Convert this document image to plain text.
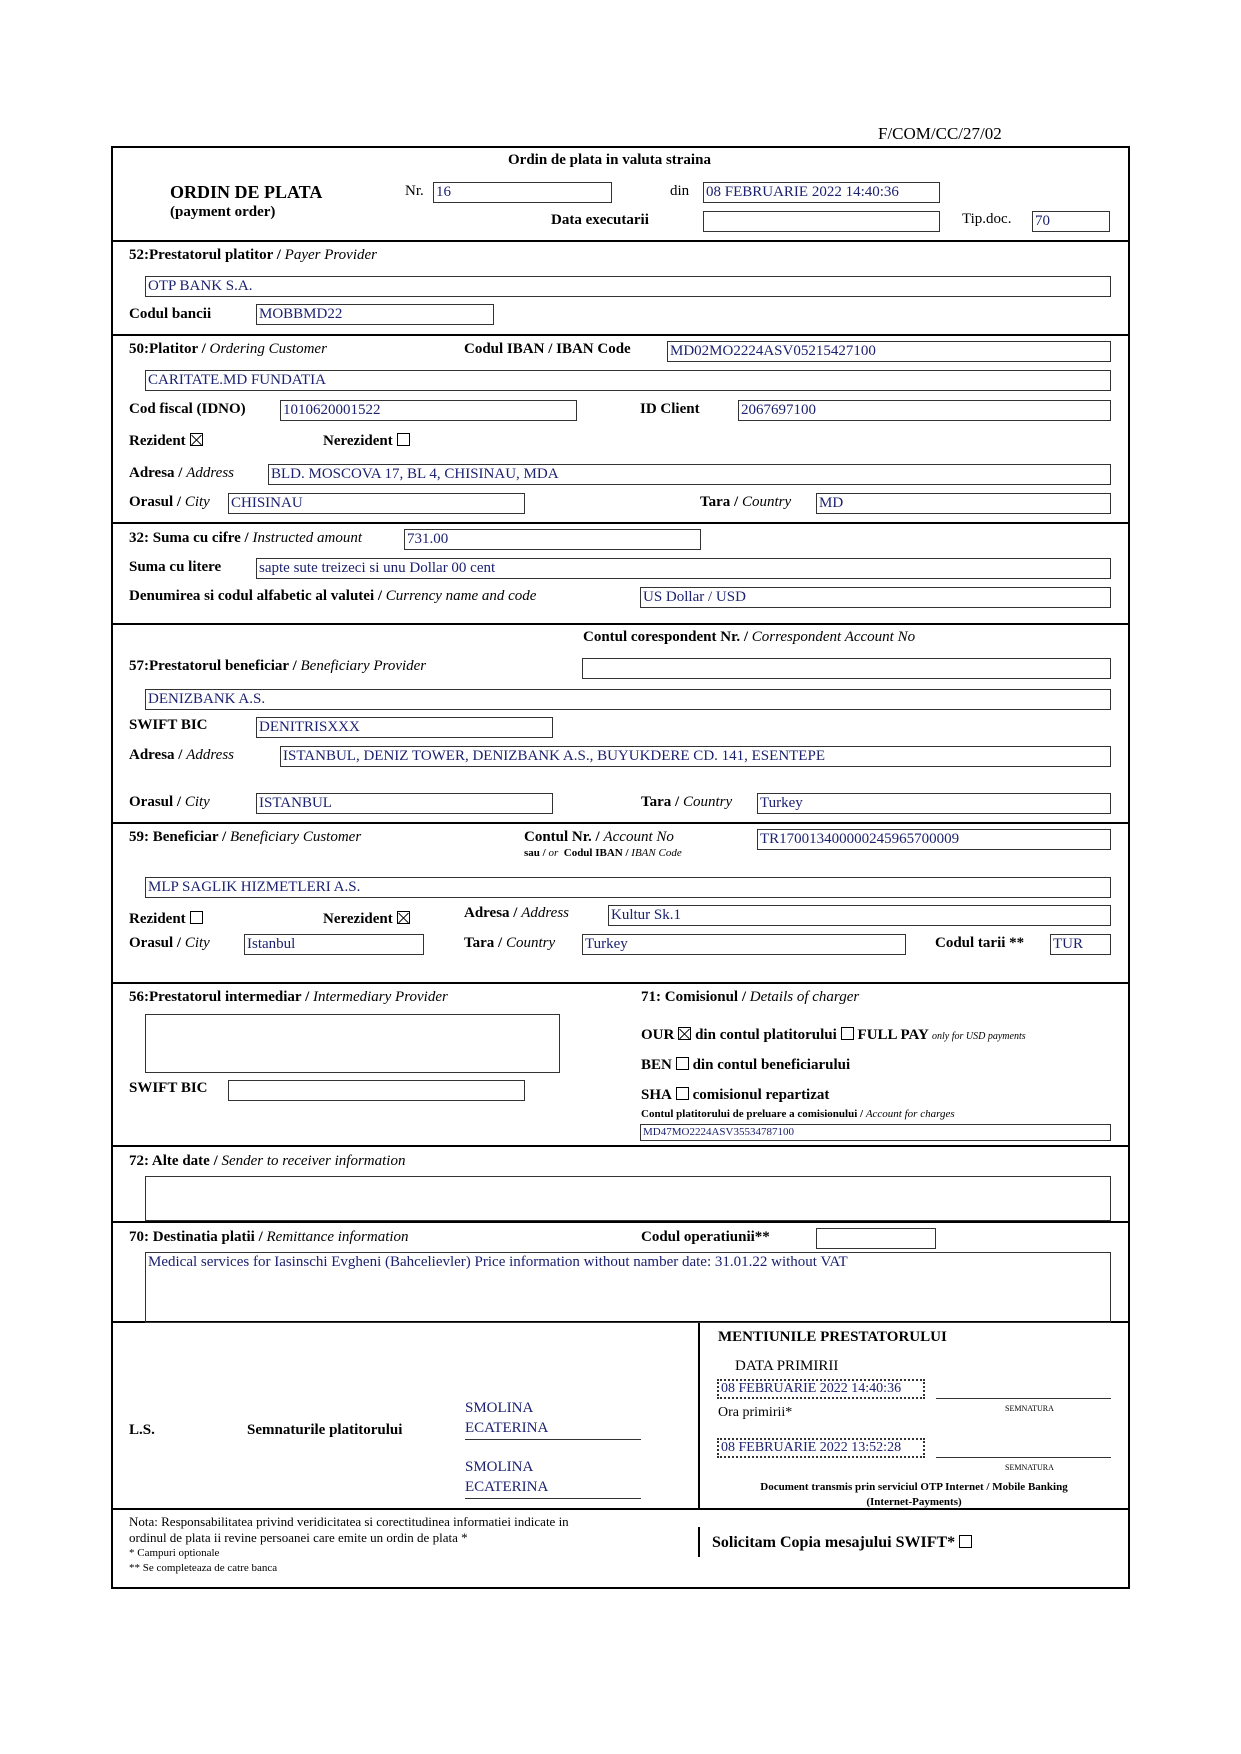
F/COM/CC/27/02
Ordin de plata in valuta straina
ORDIN DE PLATA
(payment order)
Nr. 16	din 08 FEBRUARIE 2022 14:40:36
Data executarii	Tip.doc. 70
52:Prestatorul platitor / Payer Provider
OTP BANK S.A.
Codul bancii	MOBBMD22
50:Platitor / Ordering Customer	Codul IBAN / IBAN Code	MD02MO2224ASV05215427100
CARITATE.MD FUNDATIA
Cod fiscal (IDNO) 1010620001522	ID Client	2067697100
Rezident	Nerezident
Adresa / Address BLD. MOSCOVA 17, BL 4, CHISINAU, MDA
Orasul / City CHISINAU	Tara / Country MD
32: Suma cu cifre / Instructed amount	731.00
Suma cu litere	sapte sute treizeci si unu Dollar 00 cent
Denumirea si codul alfabetic al valutei / Currency name and code	US Dollar / USD
Contul corespondent Nr. / Correspondent Account No
57:Prestatorul beneficiar / Beneficiary Provider
DENIZBANK A.S.
SWIFT BIC	DENITRISXXX
Adresa / Address	ISTANBUL, DENIZ TOWER, DENIZBANK A.S., BUYUKDERE CD. 141, ESENTEPE
Orasul / City	ISTANBUL	Tara / Country Turkey
59: Beneficiar / Beneficiary Customer	Contul Nr. / Account No
sau / or Codul IBAN / IBAN Code
TR170013400000245965700009
MLP SAGLIK HIZMETLERI A.S.
Rezident	Nerezident	Adresa / Address	Kultur Sk.1
Orasul / City Istanbul	Tara / Country Turkey	Codul tarii ** TUR
56:Prestatorul intermediar / Intermediary Provider
SWIFT BIC
71: Comisionul / Details of charger
OUR din contul platitorului FULL PAY only for USD payments
BEN din contul beneficiarului
SHA comisionul repartizat
Contul platitorului de preluare a comisionului / Account for charges
MD47MO2224ASV35534787100
72: Alte date / Sender to receiver information
70: Destinatia platii / Remittance information	Codul operatiunii**
Medical services for Iasinschi Evgheni (Bahcelievler) Price information without namber date: 31.01.22 without VAT
L.S.	Semnaturile platitorului
SMOLINA
ECATERINA
SMOLINA
ECATERINA
MENTIUNILE PRESTATORULUI
DATA PRIMIRII
08 FEBRUARIE 2022 14:40:36
SEMNATURA
Ora primirii*
08 FEBRUARIE 2022 13:52:28
SEMNATURA
Document transmis prin serviciul OTP Internet / Mobile Banking
(Internet-Payments)
Nota: Responsabilitatea privind veridicitatea si corectitudinea informatiei indicate in
ordinul de plata ii revine persoanei care emite un ordin de plata *
* Campuri optionale
** Se completeaza de catre banca
Solicitam Copia mesajului SWIFT*
